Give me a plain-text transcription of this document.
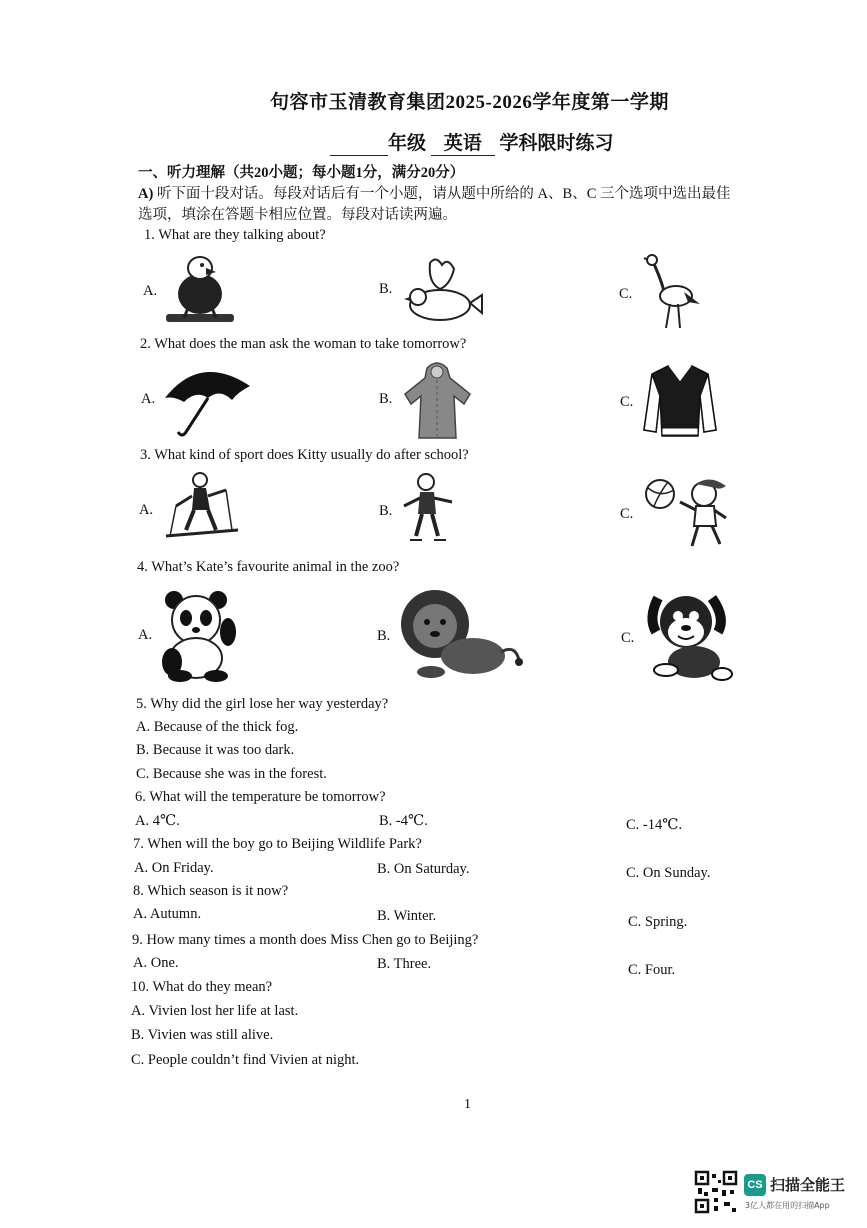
句容市玉清教育集团2025-2026学年度第一学期
年级 英语 学科限时练习
一、听力理解（共20小题；每小题1分，满分20分）
A) 听下面十段对话。每段对话后有一个小题，请从题中所给的 A、B、C 三个选项中选出最佳
选项，填涂在答题卡相应位置。每段对话读两遍。
1. What are they talking about?
A.	B.	C.
2. What does the man ask the woman to take tomorrow?
A.	B.	C.
3. What kind of sport does Kitty usually do after school?
A.	B.	C.
4. What’s Kate’s favourite animal in the zoo?
A.	B.	C.
5. Why did the girl lose her way yesterday?
A. Because of the thick fog.
B. Because it was too dark.
C. Because she was in the forest.
6. What will the temperature be tomorrow?
A. 4℃.	B. -4℃.	C. -14℃.
7. When will the boy go to Beijing Wildlife Park?
A. On Friday.	B. On Saturday.	C. On Sunday.
8. Which season is it now?
A. Autumn.	B. Winter.	C. Spring.
9. How many times a month does Miss Chen go to Beijing?
A. One.	B. Three.	C. Four.
10. What do they mean?
A. Vivien lost her life at last.
B. Vivien was still alive.
C. People couldn’t find Vivien at night.
1
CS 扫描全能王
3亿人都在用的扫描App
